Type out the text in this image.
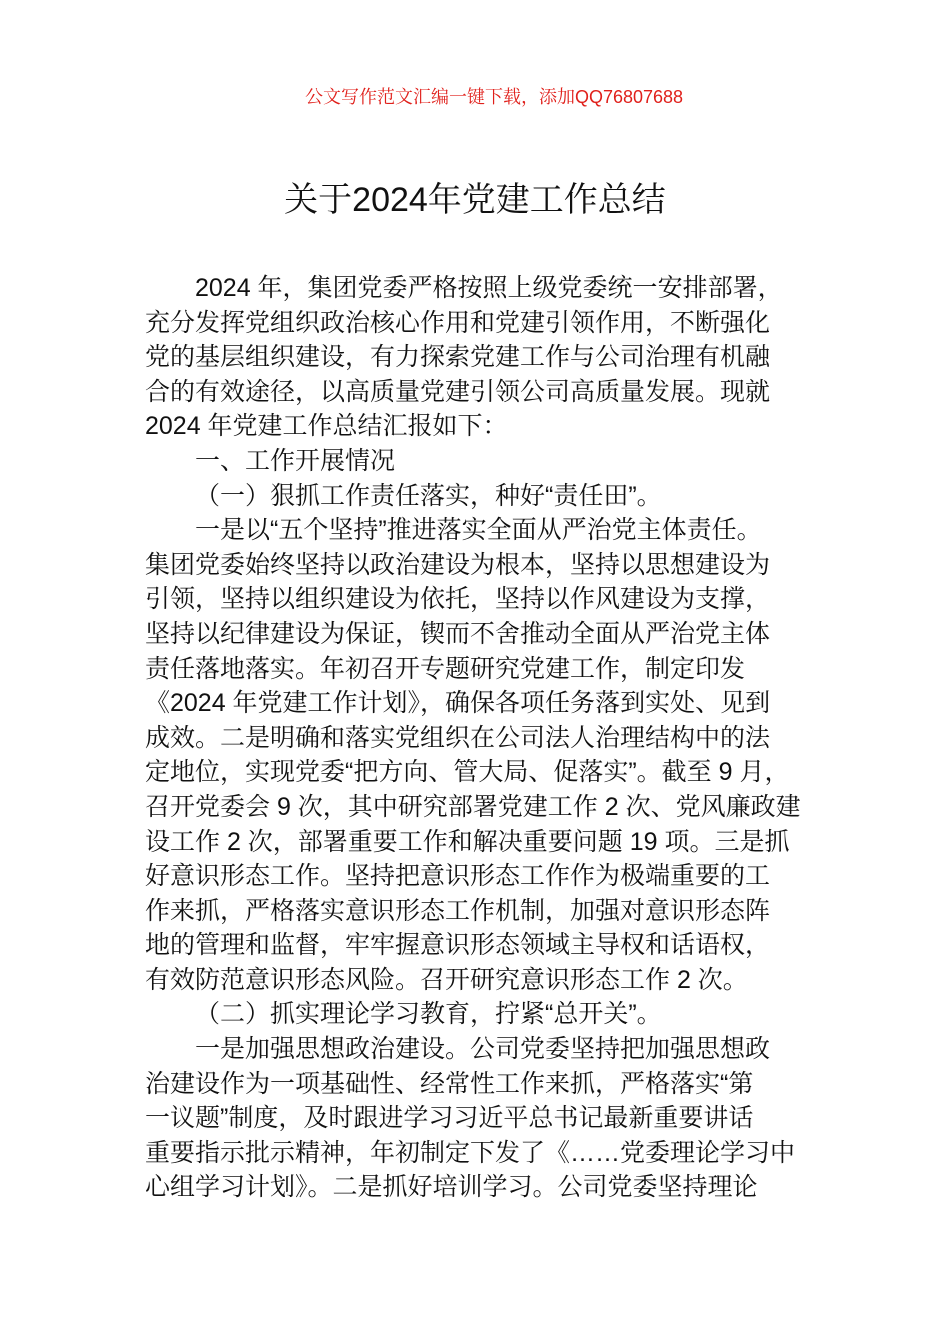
公文写作范文汇编一键下载，添加QQ76807688
关于2024年党建工作总结
2024 年，集团党委严格按照上级党委统一安排部署，
充分发挥党组织政治核心作用和党建引领作用，不断强化
党的基层组织建设，有力探索党建工作与公司治理有机融
合的有效途径，以高质量党建引领公司高质量发展。现就
2024 年党建工作总结汇报如下：
一、工作开展情况
（一）狠抓工作责任落实，种好“责任田”。
一是以“五个坚持”推进落实全面从严治党主体责任。
集团党委始终坚持以政治建设为根本，坚持以思想建设为
引领，坚持以组织建设为依托，坚持以作风建设为支撑，
坚持以纪律建设为保证，锲而不舍推动全面从严治党主体
责任落地落实。年初召开专题研究党建工作，制定印发
《2024 年党建工作计划》，确保各项任务落到实处、见到
成效。二是明确和落实党组织在公司法人治理结构中的法
定地位，实现党委“把方向、管大局、促落实”。截至 9 月，
召开党委会 9 次，其中研究部署党建工作 2 次、党风廉政建
设工作 2 次，部署重要工作和解决重要问题 19 项。三是抓
好意识形态工作。坚持把意识形态工作作为极端重要的工
作来抓，严格落实意识形态工作机制，加强对意识形态阵
地的管理和监督，牢牢握意识形态领域主导权和话语权，
有效防范意识形态风险。召开研究意识形态工作 2 次。
（二）抓实理论学习教育，拧紧“总开关”。
一是加强思想政治建设。公司党委坚持把加强思想政
治建设作为一项基础性、经常性工作来抓，严格落实“第
一议题”制度，及时跟进学习习近平总书记最新重要讲话
重要指示批示精神，年初制定下发了《……党委理论学习中
心组学习计划》。二是抓好培训学习。公司党委坚持理论
